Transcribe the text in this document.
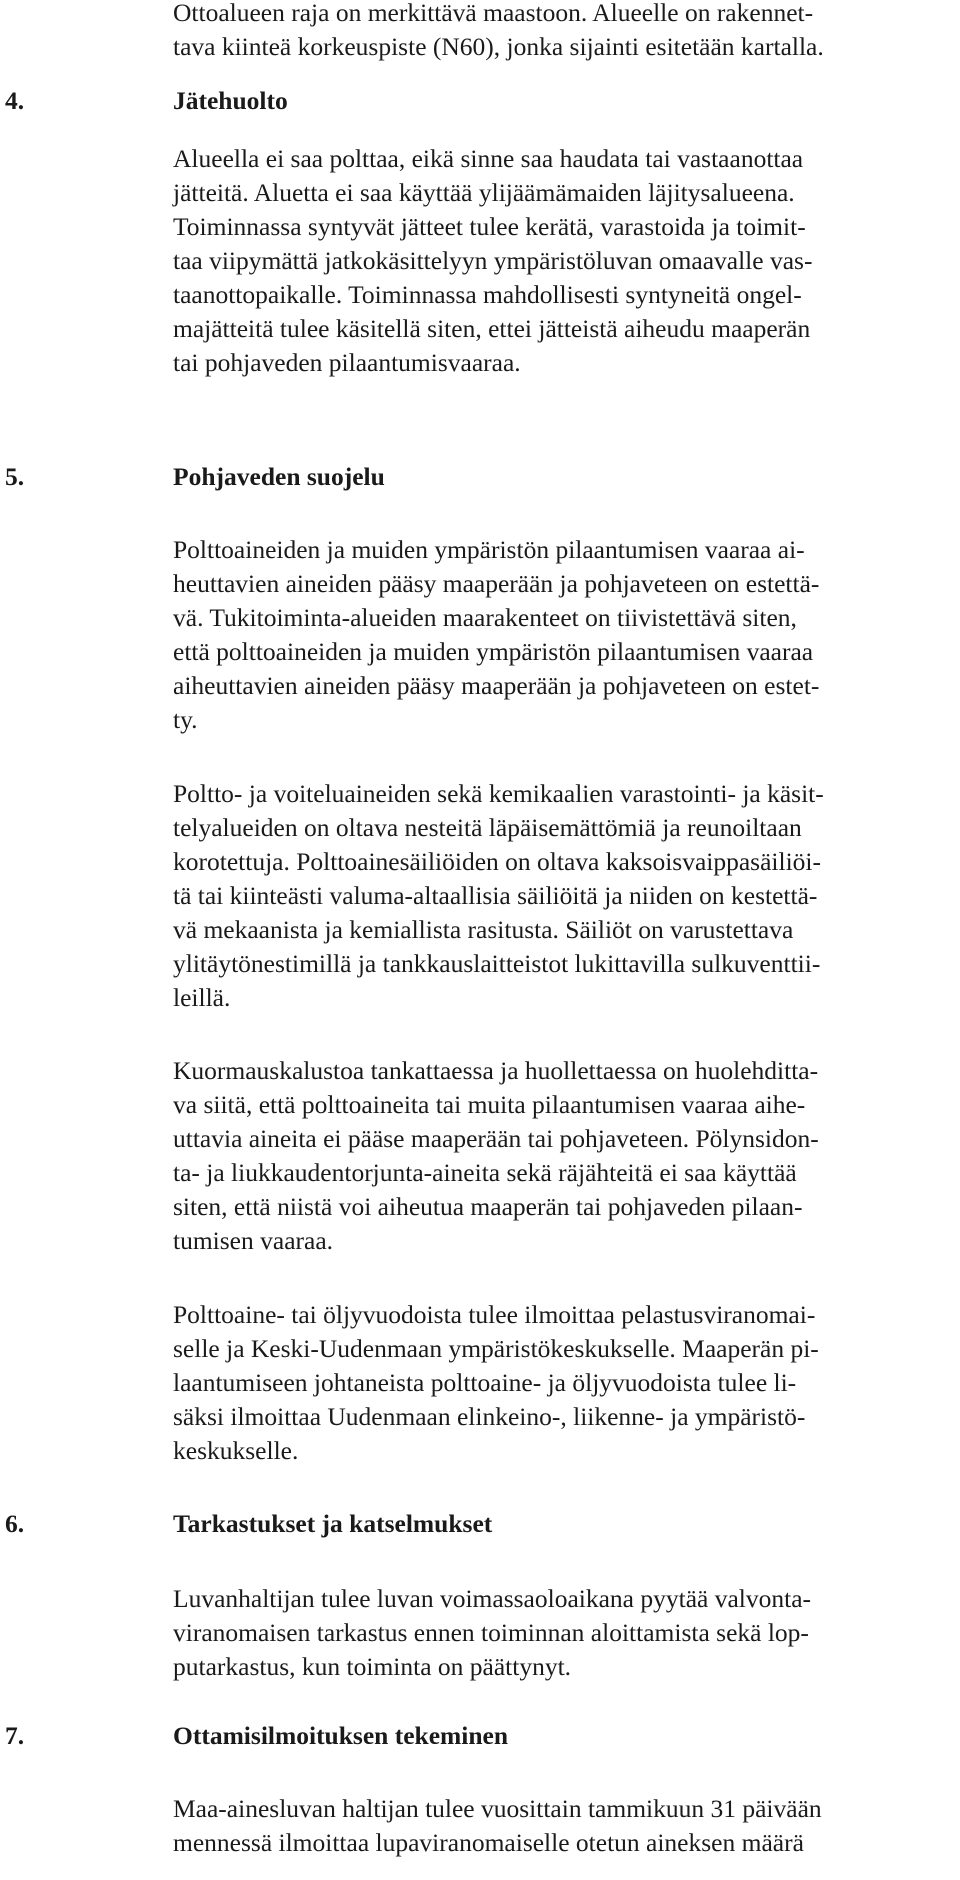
Ottoalueen raja on merkittävä maastoon. Alueelle on rakennet-
tava kiinteä korkeuspiste (N60), jonka sijainti esitetään kartalla.
4.	Jätehuolto
Alueella ei saa polttaa, eikä sinne saa haudata tai vastaanottaa
jätteitä. Aluetta ei saa käyttää ylijäämämaiden läjitysalueena.
Toiminnassa syntyvät jätteet tulee kerätä, varastoida ja toimit-
taa viipymättä jatkokäsittelyyn ympäristöluvan omaavalle vas-
taanottopaikalle. Toiminnassa mahdollisesti syntyneitä ongel-
majätteitä tulee käsitellä siten, ettei jätteistä aiheudu maaperän
tai pohjaveden pilaantumisvaaraa.
5.	Pohjaveden suojelu
Polttoaineiden ja muiden ympäristön pilaantumisen vaaraa ai-
heuttavien aineiden pääsy maaperään ja pohjaveteen on estettä-
vä. Tukitoiminta-alueiden maarakenteet on tiivistettävä siten,
että polttoaineiden ja muiden ympäristön pilaantumisen vaaraa
aiheuttavien aineiden pääsy maaperään ja pohjaveteen on estet-
ty.
Poltto- ja voiteluaineiden sekä kemikaalien varastointi- ja käsit-
telyalueiden on oltava nesteitä läpäisemättömiä ja reunoiltaan
korotettuja. Polttoainesäiliöiden on oltava kaksoisvaippasäiliöi-
tä tai kiinteästi valuma-altaallisia säiliöitä ja niiden on kestettä-
vä mekaanista ja kemiallista rasitusta. Säiliöt on varustettava
ylitäytönestimillä ja tankkauslaitteistot lukittavilla sulkuventtii-
leillä.
Kuormauskalustoa tankattaessa ja huollettaessa on huolehditta-
va siitä, että polttoaineita tai muita pilaantumisen vaaraa aihe-
uttavia aineita ei pääse maaperään tai pohjaveteen. Pölynsidon-
ta- ja liukkaudentorjunta-aineita sekä räjähteitä ei saa käyttää
siten, että niistä voi aiheutua maaperän tai pohjaveden pilaan-
tumisen vaaraa.
Polttoaine- tai öljyvuodoista tulee ilmoittaa pelastusviranomai-
selle ja Keski-Uudenmaan ympäristökeskukselle. Maaperän pi-
laantumiseen johtaneista polttoaine- ja öljyvuodoista tulee li-
säksi ilmoittaa Uudenmaan elinkeino-, liikenne- ja ympäristö-
keskukselle.
6.	Tarkastukset ja katselmukset
Luvanhaltijan tulee luvan voimassaoloaikana pyytää valvonta-
viranomaisen tarkastus ennen toiminnan aloittamista sekä lop-
putarkastus, kun toiminta on päättynyt.
7.	Ottamisilmoituksen tekeminen
Maa-ainesluvan haltijan tulee vuosittain tammikuun 31 päivään
mennessä ilmoittaa lupaviranomaiselle otetun aineksen määrä
